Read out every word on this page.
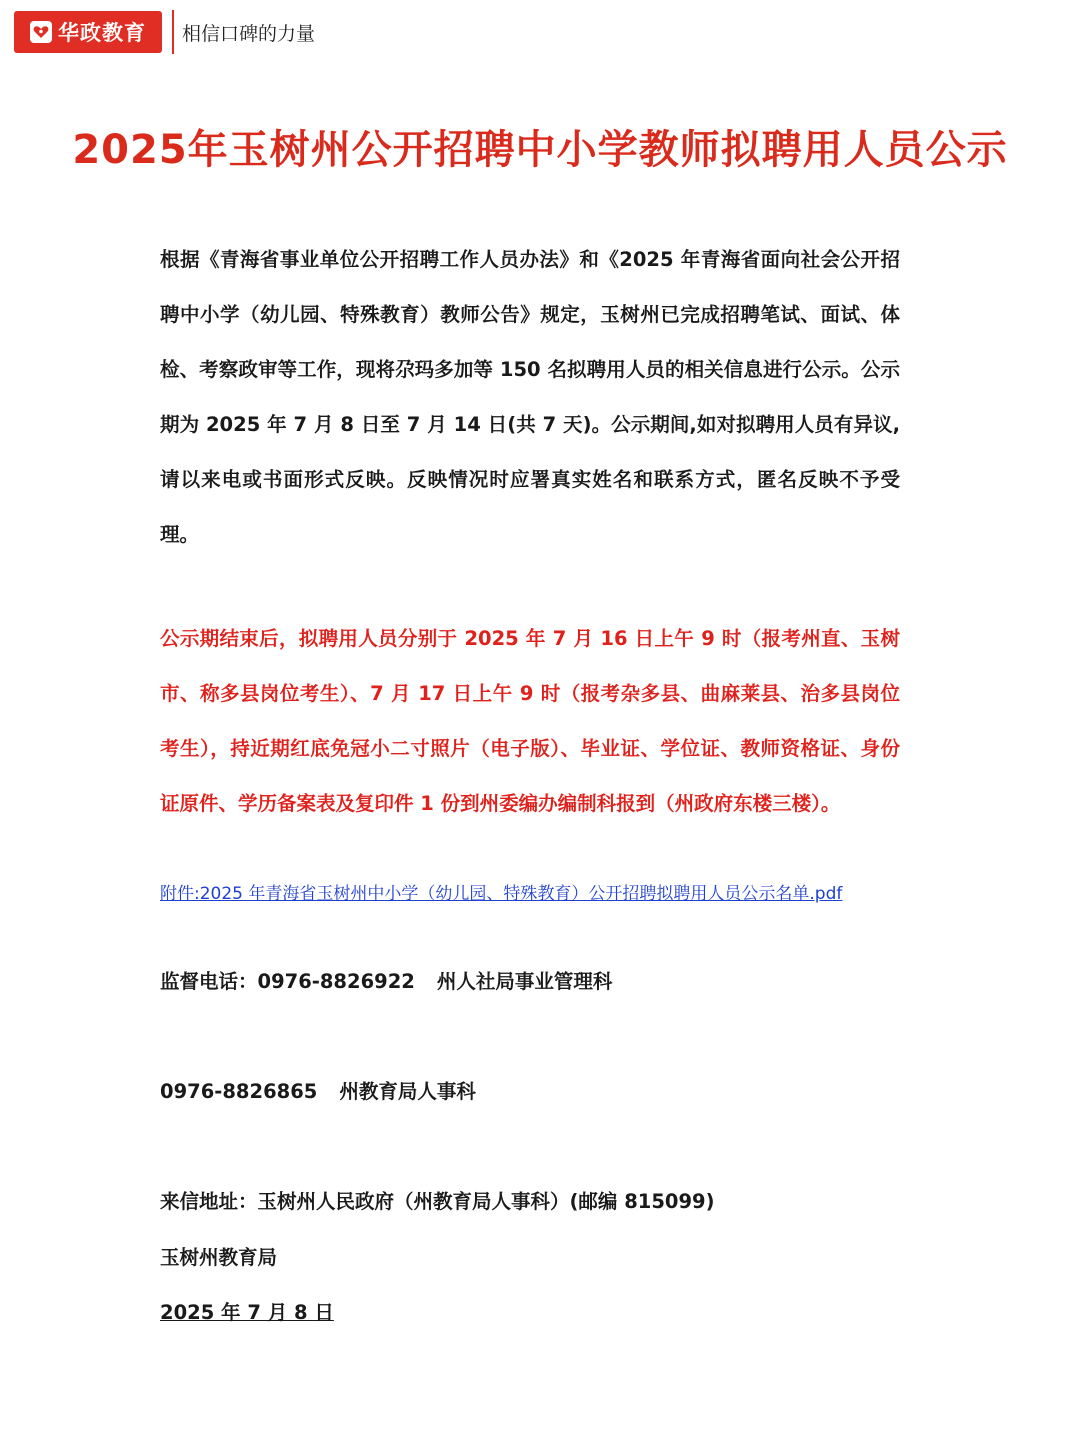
华政教育 相信口碑的力量
2025年玉树州公开招聘中小学教师拟聘用人员公示

根据《青海省事业单位公开招聘工作人员办法》和《2025 年青海省面向社会公开招聘中小学（幼儿园、特殊教育）教师公告》规定，玉树州已完成招聘笔试、面试、体检、考察政审等工作，现将尕玛多加等 150 名拟聘用人员的相关信息进行公示。公示期为 2025 年 7 月 8 日至 7 月 14 日(共 7 天)。公示期间,如对拟聘用人员有异议,请以来电或书面形式反映。反映情况时应署真实姓名和联系方式，匿名反映不予受理。

公示期结束后，拟聘用人员分别于 2025 年 7 月 16 日上午 9 时（报考州直、玉树市、称多县岗位考生）、7 月 17 日上午 9 时（报考杂多县、曲麻莱县、治多县岗位考生），持近期红底免冠小二寸照片（电子版）、毕业证、学位证、教师资格证、身份证原件、学历备案表及复印件 1 份到州委编办编制科报到（州政府东楼三楼）。

附件:2025 年青海省玉树州中小学（幼儿园、特殊教育）公开招聘拟聘用人员公示名单.pdf

监督电话：0976-8826922 州人社局事业管理科

0976-8826865 州教育局人事科

来信地址：玉树州人民政府（州教育局人事科）(邮编 815099)

玉树州教育局

2025 年 7 月 8 日
